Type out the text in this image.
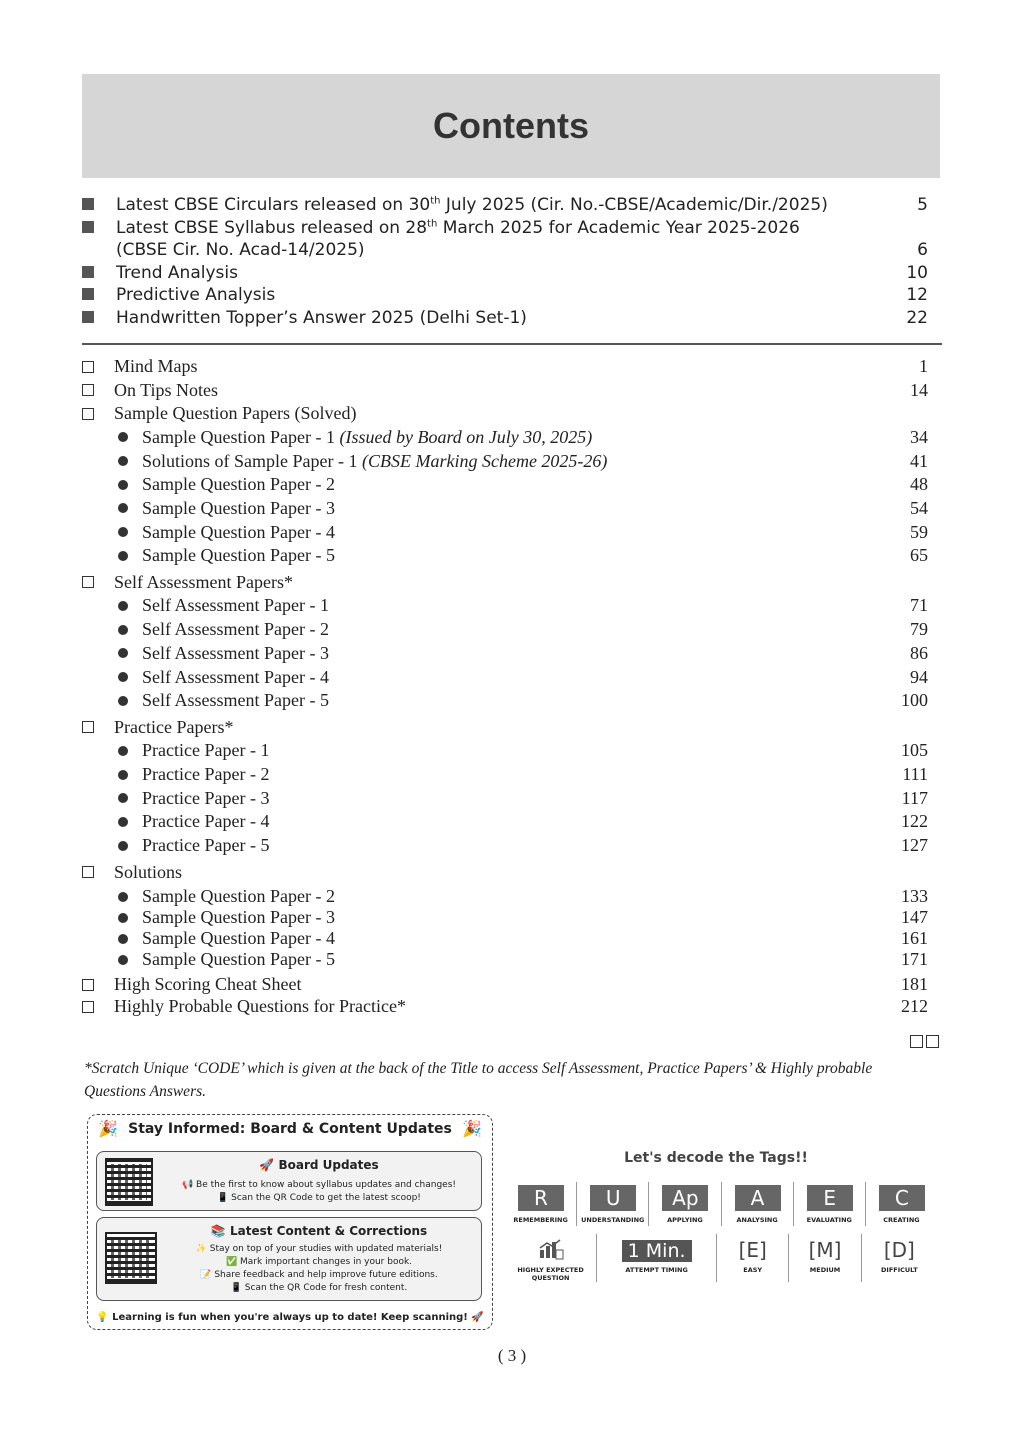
Contents
Latest CBSE Circulars released on 30th July 2025 (Cir. No.-CBSE/Academic/Dir./2025)	5
Latest CBSE Syllabus released on 28th March 2025 for Academic Year 2025-2026
(CBSE Cir. No. Acad-14/2025)	6
Trend Analysis	10
Predictive Analysis	12
Handwritten Topper’s Answer 2025 (Delhi Set-1)	22
Mind Maps	1
On Tips Notes	14
Sample Question Papers (Solved)
Sample Question Paper - 1 (Issued by Board on July 30, 2025)	34
Solutions of Sample Paper - 1 (CBSE Marking Scheme 2025-26)	41
Sample Question Paper - 2	48
Sample Question Paper - 3	54
Sample Question Paper - 4	59
Sample Question Paper - 5	65
Self Assessment Papers*
Self Assessment Paper - 1	71
Self Assessment Paper - 2	79
Self Assessment Paper - 3	86
Self Assessment Paper - 4	94
Self Assessment Paper - 5	100
Practice Papers*
Practice Paper - 1	105
Practice Paper - 2	111
Practice Paper - 3	117
Practice Paper - 4	122
Practice Paper - 5	127
Solutions
Sample Question Paper - 2	133
Sample Question Paper - 3	147
Sample Question Paper - 4	161
Sample Question Paper - 5	171
High Scoring Cheat Sheet	181
Highly Probable Questions for Practice*	212
*Scratch Unique ‘CODE’ which is given at the back of the Title to access Self Assessment, Practice Papers’ & Highly probable Questions Answers.
🎉 Stay Informed: Board & Content Updates 🎉
🚀 Board Updates
📢 Be the first to know about syllabus updates and changes!
📱 Scan the QR Code to get the latest scoop!
📚 Latest Content & Corrections
✨ Stay on top of your studies with updated materials!
✅ Mark important changes in your book.
📝 Share feedback and help improve future editions.
📱 Scan the QR Code for fresh content.
💡 Learning is fun when you're always up to date! Keep scanning! 🚀
Let's decode the Tags!!
R
REMEMBERING
U
UNDERSTANDING
Ap
APPLYING
A
ANALYSING
E
EVALUATING
C
CREATING
HIGHLY EXPECTED QUESTION
1 Min.
ATTEMPT TIMING
[E]
EASY
[M]
MEDIUM
[D]
DIFFICULT
( 3 )
